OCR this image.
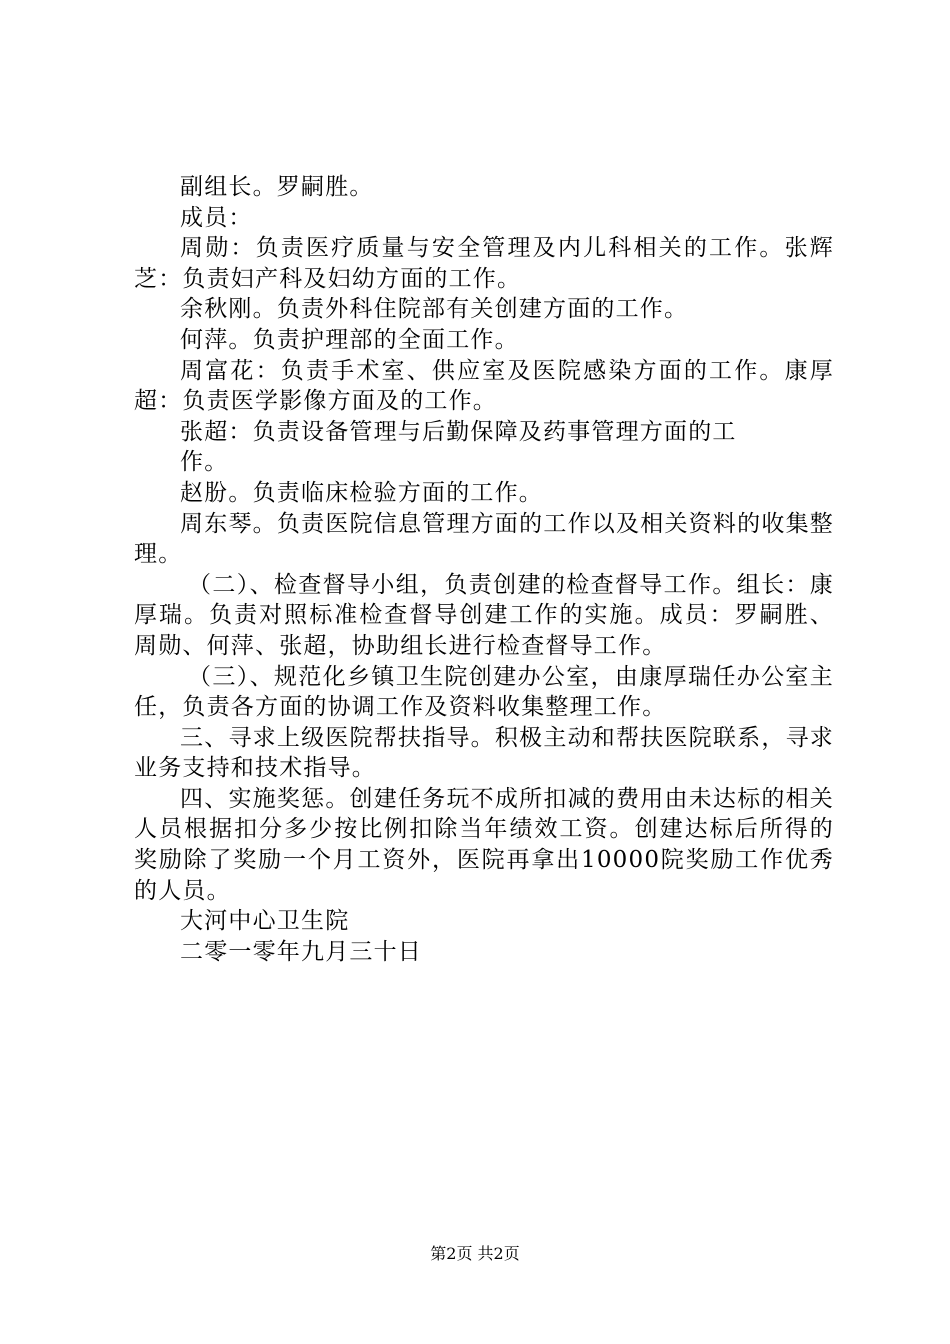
副组长。罗嗣胜。

成员：

周勋：负责医疗质量与安全管理及内儿科相关的工作。张辉芝：负责妇产科及妇幼方面的工作。

余秋刚。负责外科住院部有关创建方面的工作。

何萍。负责护理部的全面工作。

周富花：负责手术室、供应室及医院感染方面的工作。康厚超：负责医学影像方面及的工作。

张超：负责设备管理与后勤保障及药事管理方面的工

作。

赵朌。负责临床检验方面的工作。

周东琴。负责医院信息管理方面的工作以及相关资料的收集整理。

（二）、检查督导小组，负责创建的检查督导工作。组长：康厚瑞。负责对照标准检查督导创建工作的实施。成员：罗嗣胜、周勋、何萍、张超，协助组长进行检查督导工作。

（三）、规范化乡镇卫生院创建办公室，由康厚瑞任办公室主任，负责各方面的协调工作及资料收集整理工作。

三、寻求上级医院帮扶指导。积极主动和帮扶医院联系，寻求业务支持和技术指导。

四、实施奖惩。创建任务玩不成所扣减的费用由未达标的相关人员根据扣分多少按比例扣除当年绩效工资。创建达标后所得的奖励除了奖励一个月工资外，医院再拿出10000院奖励工作优秀的人员。

大河中心卫生院

二零一零年九月三十日

第2页 共2页
